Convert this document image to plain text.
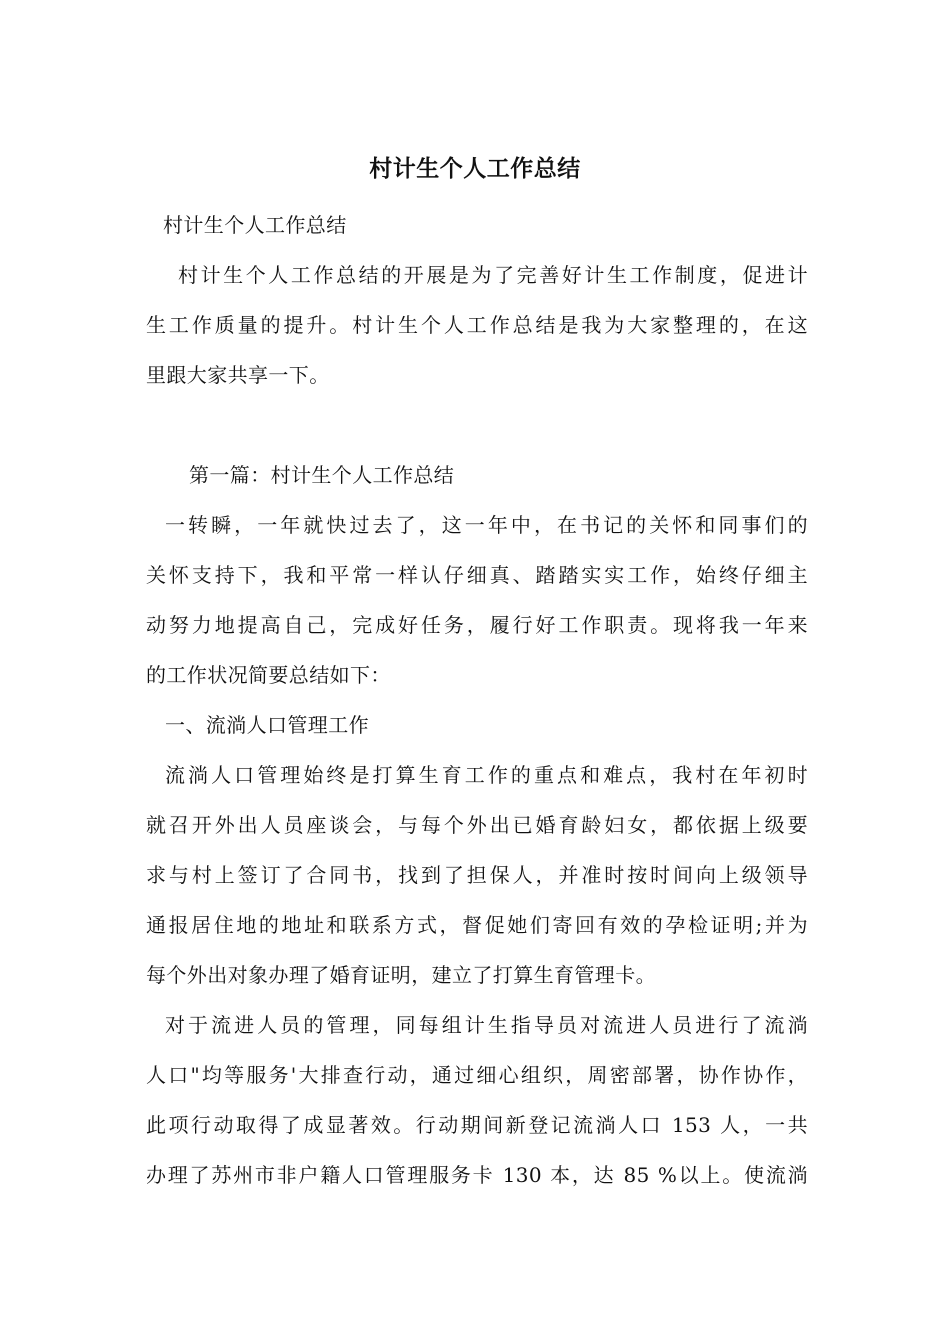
村计生个人工作总结
村计生个人工作总结
村计生个人工作总结的开展是为了完善好计生工作制度，促进计
生工作质量的提升。村计生个人工作总结是我为大家整理的，在这
里跟大家共享一下。
第一篇：村计生个人工作总结
一转瞬，一年就快过去了，这一年中，在书记的关怀和同事们的
关怀支持下，我和平常一样认仔细真、踏踏实实工作，始终仔细主
动努力地提高自己，完成好任务，履行好工作职责。现将我一年来
的工作状况简要总结如下：
一、流淌人口管理工作
流淌人口管理始终是打算生育工作的重点和难点，我村在年初时
就召开外出人员座谈会，与每个外出已婚育龄妇女，都依据上级要
求与村上签订了合同书，找到了担保人，并准时按时间向上级领导
通报居住地的地址和联系方式，督促她们寄回有效的孕检证明;并为
每个外出对象办理了婚育证明，建立了打算生育管理卡。
对于流进人员的管理，同每组计生指导员对流进人员进行了流淌
人口"均等服务'大排查行动，通过细心组织，周密部署，协作协作，
此项行动取得了成显著效。行动期间新登记流淌人口 153 人，一共
办理了苏州市非户籍人口管理服务卡 130 本，达 85 %以上。使流淌
